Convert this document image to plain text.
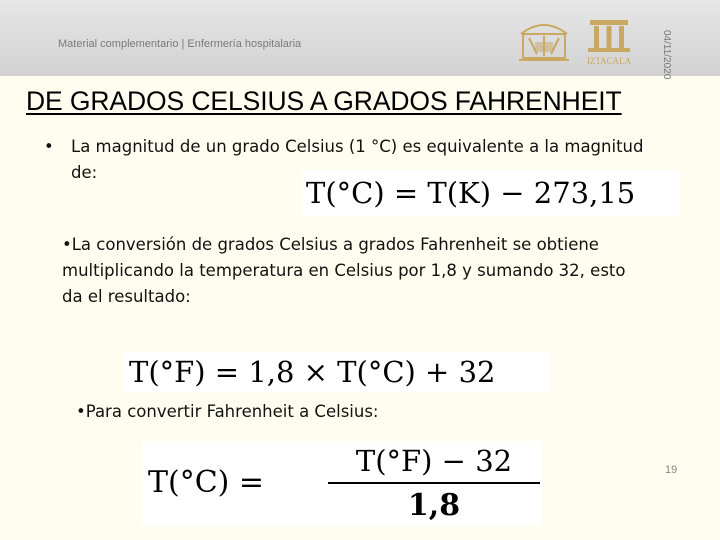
Material complementario | Enfermería hospitalaria
IZTACALA	04/11/2020
DE GRADOS CELSIUS A GRADOS FAHRENHEIT
• La magnitud de un grado Celsius (1 °C) es equivalente a la magnitud de:
T(°C) = T(K) − 273,15
•La conversión de grados Celsius a grados Fahrenheit se obtiene multiplicando la temperatura en Celsius por 1,8 y sumando 32, esto da el resultado:
T(°F) = 1,8 × T(°C) + 32
•Para convertir Fahrenheit a Celsius:
T(°C) =
T(°F) − 32
1,8
19
